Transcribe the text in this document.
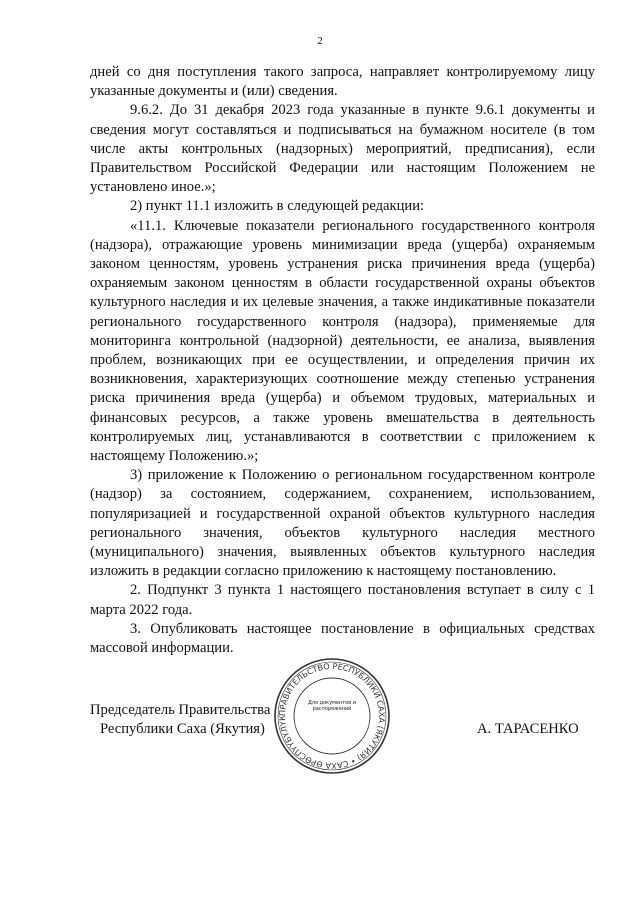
2

дней со дня поступления такого запроса, направляет контролируемому лицу указанные документы и (или) сведения.

9.6.2. До 31 декабря 2023 года указанные в пункте 9.6.1 документы и сведения могут составляться и подписываться на бумажном носителе (в том числе акты контрольных (надзорных) мероприятий, предписания), если Правительством Российской Федерации или настоящим Положением не установлено иное.»;

2) пункт 11.1 изложить в следующей редакции:

«11.1. Ключевые показатели регионального государственного контроля (надзора), отражающие уровень минимизации вреда (ущерба) охраняемым законом ценностям, уровень устранения риска причинения вреда (ущерба) охраняемым законом ценностям в области государственной охраны объектов культурного наследия и их целевые значения, а также индикативные показатели регионального государственного контроля (надзора), применяемые для мониторинга контрольной (надзорной) деятельности, ее анализа, выявления проблем, возникающих при ее осуществлении, и определения причин их возникновения, характеризующих соотношение между степенью устранения риска причинения вреда (ущерба) и объемом трудовых, материальных и финансовых ресурсов, а также уровень вмешательства в деятельность контролируемых лиц, устанавливаются в соответствии с приложением к настоящему Положению.»;

3) приложение к Положению о региональном государственном контроле (надзор) за состоянием, содержанием, сохранением, использованием, популяризацией и государственной охраной объектов культурного наследия регионального значения, объектов культурного наследия местного (муниципального) значения, выявленных объектов культурного наследия изложить в редакции согласно приложению к настоящему постановлению.

2. Подпункт 3 пункта 1 настоящего постановления вступает в силу с 1 марта 2022 года.

3. Опубликовать настоящее постановление в официальных средствах массовой информации.

ПРАВИТЕЛЬСТВО РЕСПУБЛИКИ САХА (ЯКУТИЯ) • САХА ӨРӨСПҮҮБҮЛҮК
Для документов и распоряжений
Председатель Правительства
Республики Саха (Якутия)	А. ТАРАСЕНКО
